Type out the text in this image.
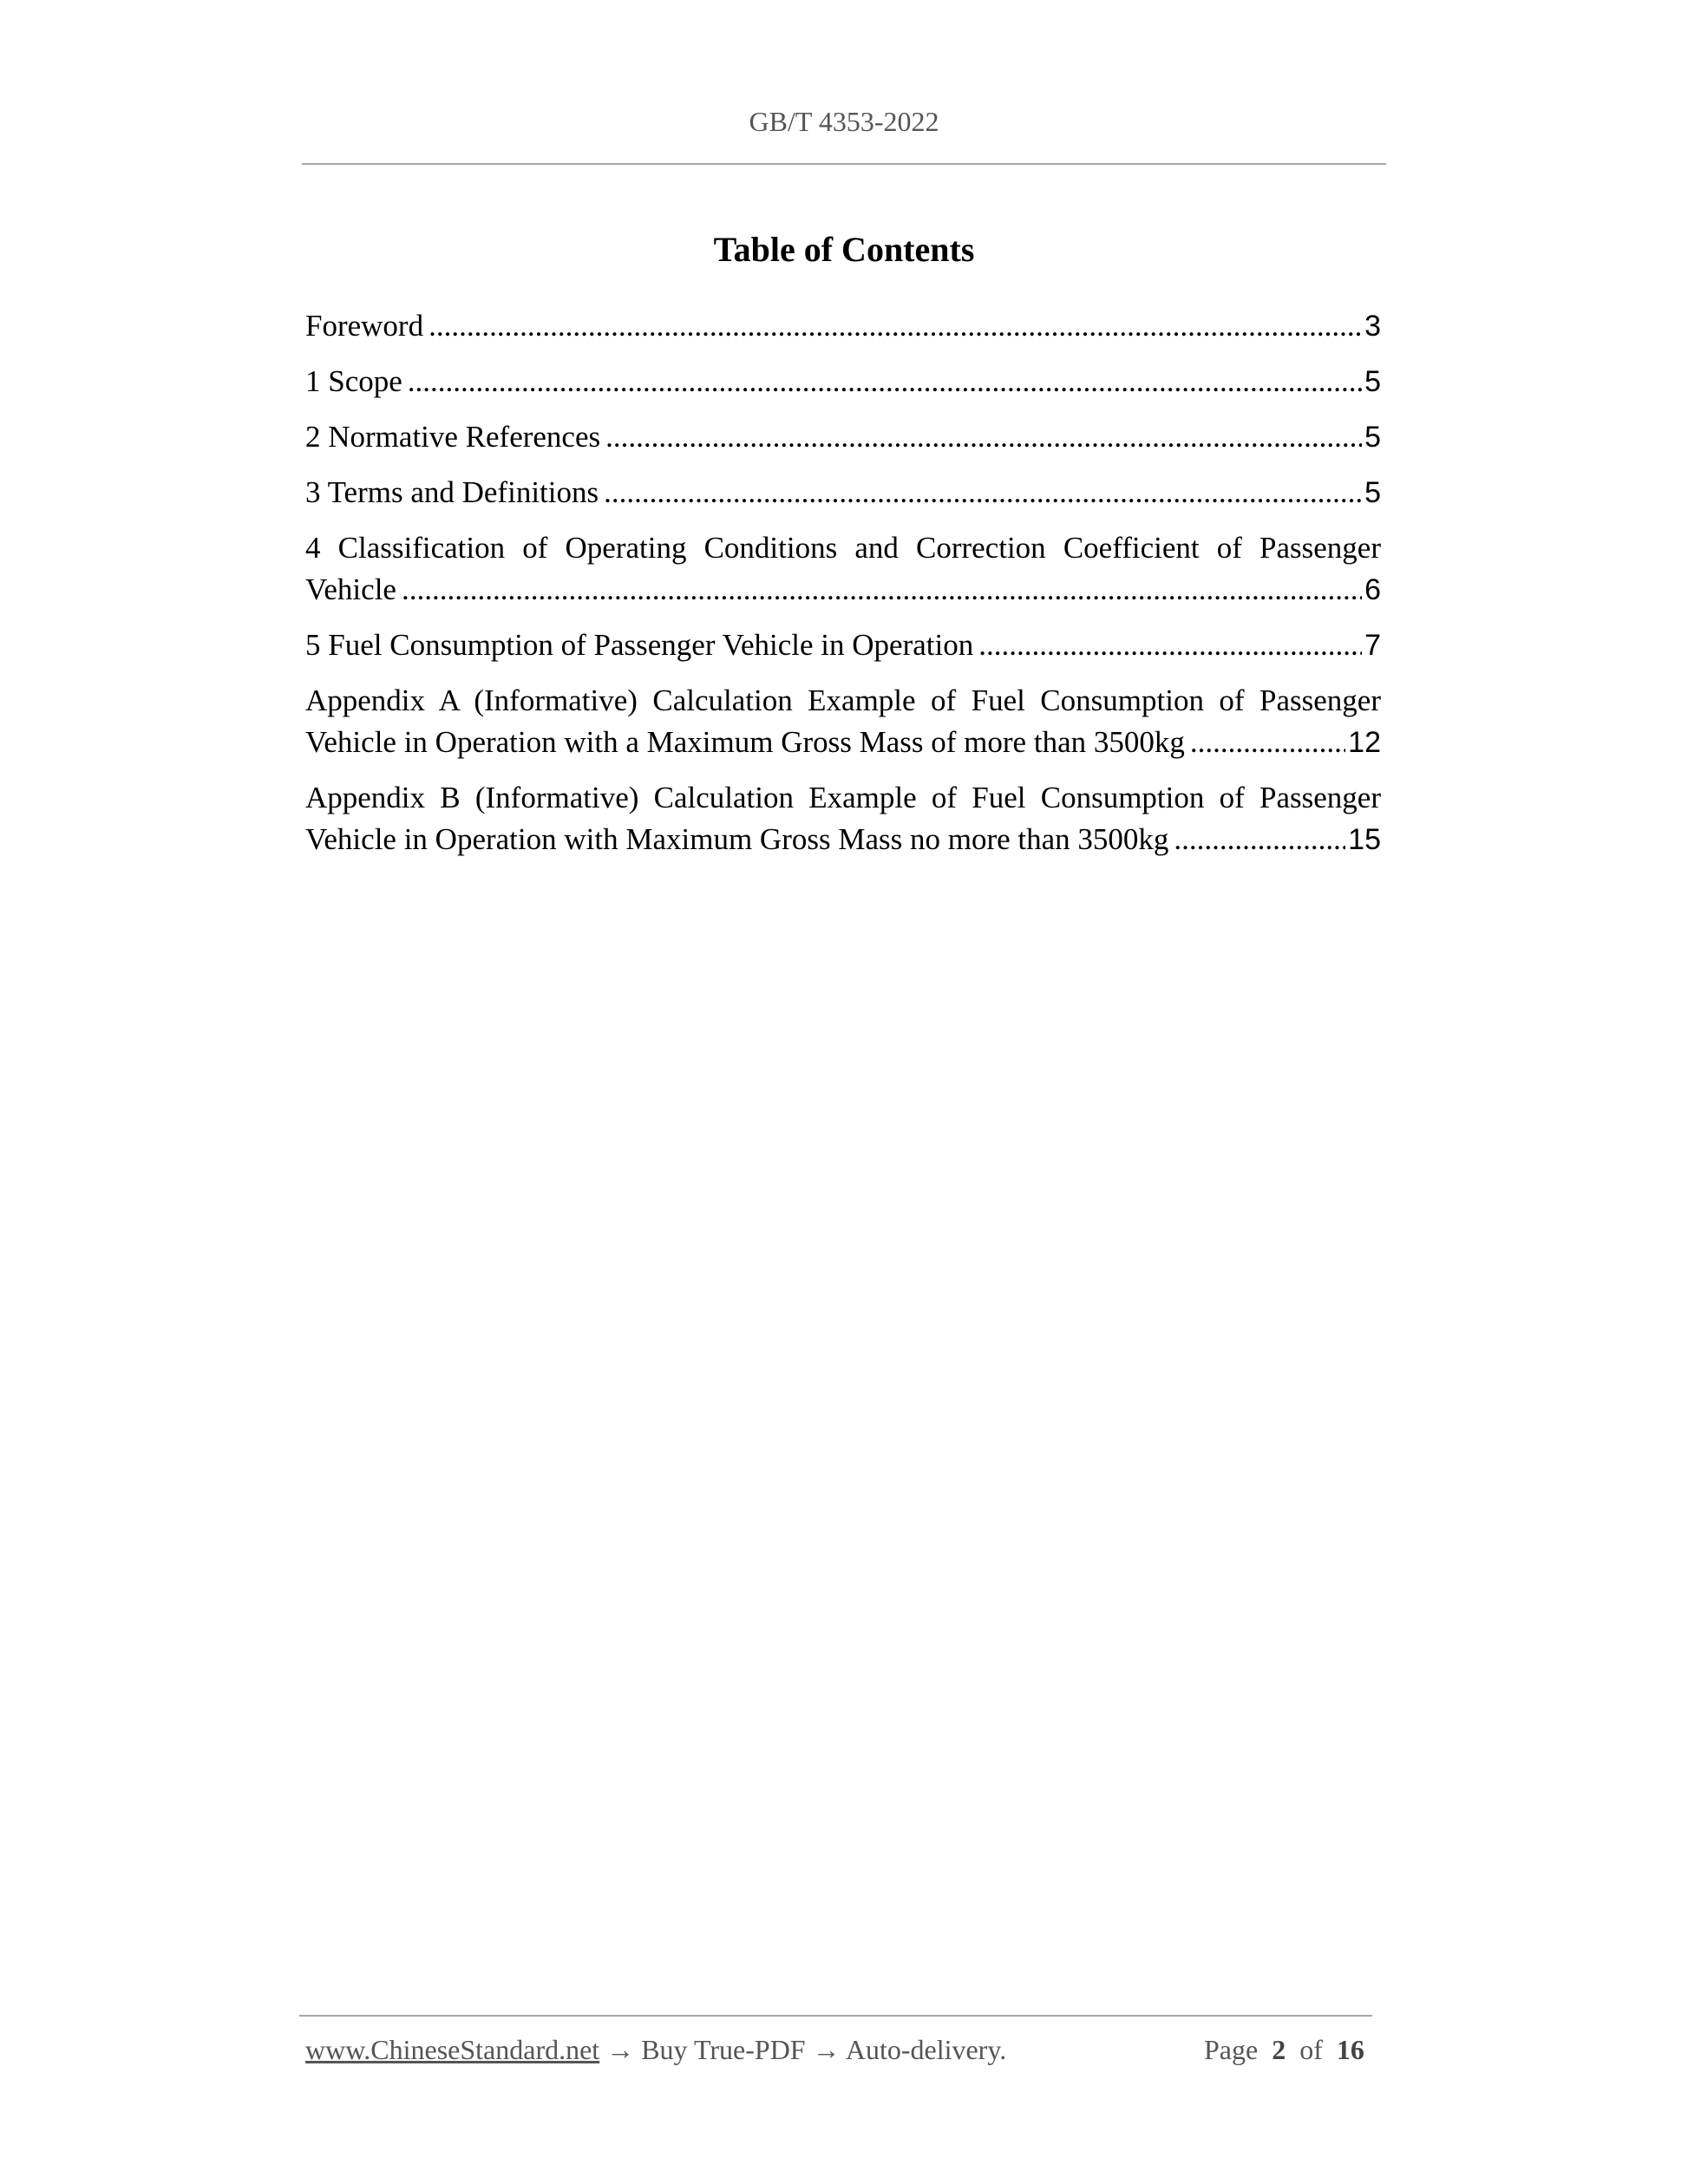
GB/T 4353-2022
Table of Contents
Foreword .....	3
1 Scope .....	5
2 Normative References .....	5
3 Terms and Definitions .....	5
4 Classification of Operating Conditions and Correction Coefficient of Passenger
Vehicle .....	6
5 Fuel Consumption of Passenger Vehicle in Operation .....	7
Appendix A (Informative) Calculation Example of Fuel Consumption of Passenger
Vehicle in Operation with a Maximum Gross Mass of more than 3500kg .....	12
Appendix B (Informative) Calculation Example of Fuel Consumption of Passenger
Vehicle in Operation with Maximum Gross Mass no more than 3500kg .....	15
www.ChineseStandard.net → Buy True-PDF → Auto-delivery.	Page 2 of 16
